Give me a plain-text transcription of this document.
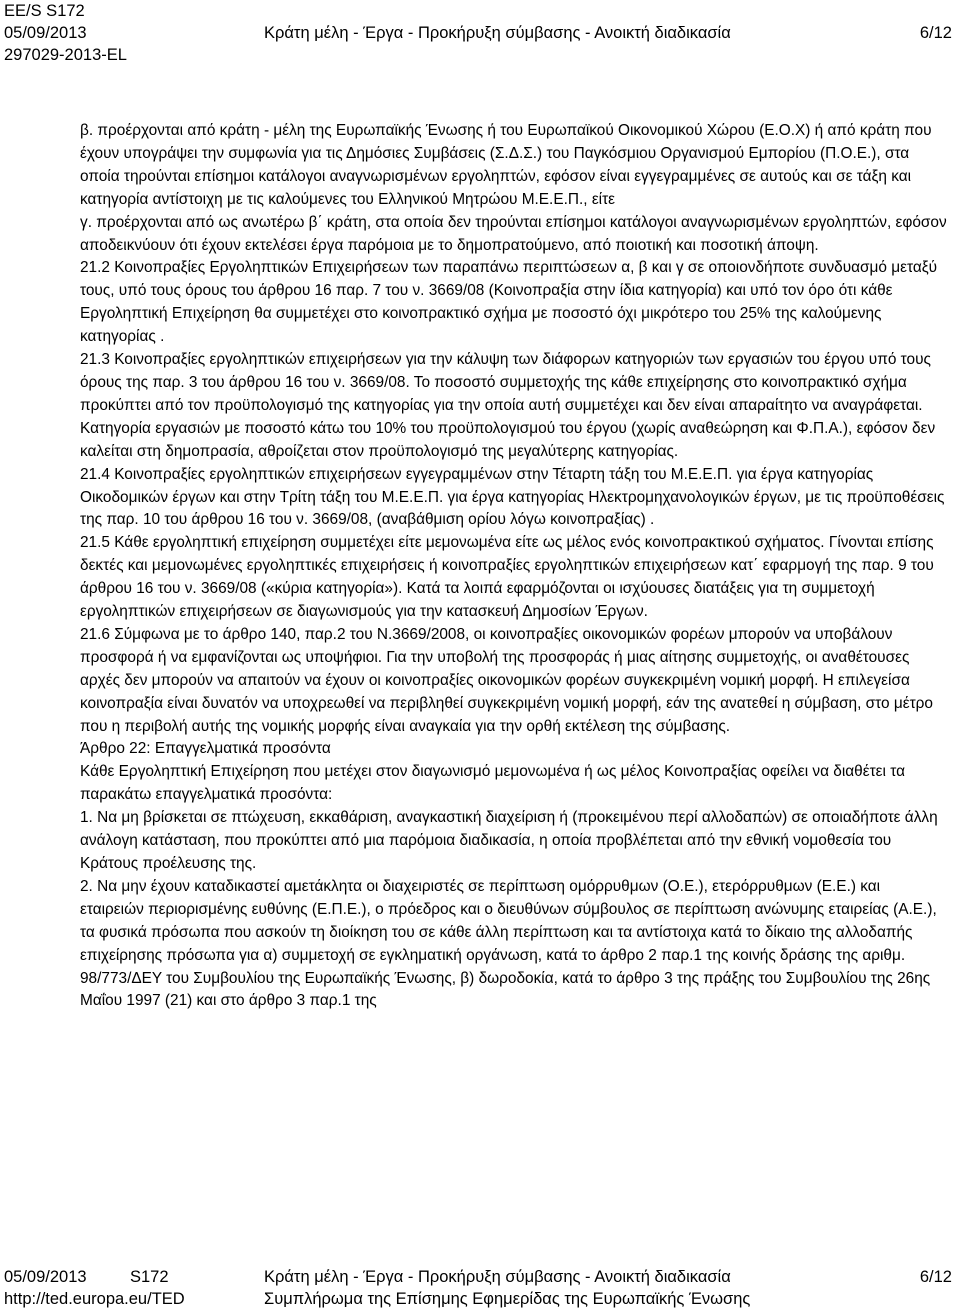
EE/S S172
05/09/2013	Κράτη μέλη - Έργα - Προκήρυξη σύμβασης - Ανοικτή διαδικασία	6/12
297029-2013-EL

β. προέρχονται από κράτη - μέλη της Ευρωπαϊκής Ένωσης ή του Ευρωπαϊκού Οικονομικού Χώρου (Ε.Ο.Χ) ή από κράτη που έχουν υπογράψει την συμφωνία για τις Δημόσιες Συμβάσεις (Σ.Δ.Σ.) του Παγκόσμιου Οργανισμού Εμπορίου (Π.Ο.Ε.), στα οποία τηρούνται επίσημοι κατάλογοι αναγνωρισμένων εργοληπτών, εφόσον είναι εγγεγραμμένες σε αυτούς και σε τάξη και κατηγορία αντίστοιχη με τις καλούμενες του Ελληνικού Μητρώου Μ.Ε.Ε.Π., είτε

γ. προέρχονται από ως ανωτέρω β΄ κράτη, στα οποία δεν τηρούνται επίσημοι κατάλογοι αναγνωρισμένων εργοληπτών, εφόσον αποδεικνύουν ότι έχουν εκτελέσει έργα παρόμοια με το δημοπρατούμενο, από ποιοτική και ποσοτική άποψη.

21.2 Κοινοπραξίες Εργοληπτικών Επιχειρήσεων των παραπάνω περιπτώσεων α, β και γ σε οποιονδήποτε συνδυασμό μεταξύ τους, υπό τους όρους του άρθρου 16 παρ. 7 του ν. 3669/08 (Κοινοπραξία στην ίδια κατηγορία) και υπό τον όρο ότι κάθε Εργοληπτική Επιχείρηση θα συμμετέχει στο κοινοπρακτικό σχήμα με ποσοστό όχι μικρότερο του 25% της καλούμενης κατηγορίας .

21.3 Κοινοπραξίες εργοληπτικών επιχειρήσεων για την κάλυψη των διάφορων κατηγοριών των εργασιών του έργου υπό τους όρους της παρ. 3 του άρθρου 16 του ν. 3669/08. Το ποσοστό συμμετοχής της κάθε επιχείρησης στο κοινοπρακτικό σχήμα προκύπτει από τον προϋπολογισμό της κατηγορίας για την οποία αυτή συμμετέχει και δεν είναι απαραίτητο να αναγράφεται. Κατηγορία εργασιών με ποσοστό κάτω του 10% του προϋπολογισμού του έργου (χωρίς αναθεώρηση και Φ.Π.Α.), εφόσον δεν καλείται στη δημοπρασία, αθροίζεται στον προϋπολογισμό της μεγαλύτερης κατηγορίας.

21.4 Κοινοπραξίες εργοληπτικών επιχειρήσεων εγγεγραμμένων στην Τέταρτη τάξη του Μ.Ε.Ε.Π. για έργα κατηγορίας Οικοδομικών έργων και στην Τρίτη τάξη του Μ.Ε.Ε.Π. για έργα κατηγορίας Ηλεκτρομηχανολογικών έργων, με τις προϋποθέσεις της παρ. 10 του άρθρου 16 του ν. 3669/08, (αναβάθμιση ορίου λόγω κοινοπραξίας) .

21.5 Κάθε εργοληπτική επιχείρηση συμμετέχει είτε μεμονωμένα είτε ως μέλος ενός κοινοπρακτικού σχήματος. Γίνονται επίσης δεκτές και μεμονωμένες εργοληπτικές επιχειρήσεις ή κοινοπραξίες εργοληπτικών επιχειρήσεων κατ΄ εφαρμογή της παρ. 9 του άρθρου 16 του ν. 3669/08 («κύρια κατηγορία»). Κατά τα λοιπά εφαρμόζονται οι ισχύουσες διατάξεις για τη συμμετοχή εργοληπτικών επιχειρήσεων σε διαγωνισμούς για την κατασκευή Δημοσίων Έργων.

21.6 Σύμφωνα με το άρθρο 140, παρ.2 του Ν.3669/2008, οι κοινοπραξίες οικονομικών φορέων μπορούν να υποβάλουν προσφορά ή να εμφανίζονται ως υποψήφιοι. Για την υποβολή της προσφοράς ή μιας αίτησης συμμετοχής, οι αναθέτουσες αρχές δεν μπορούν να απαιτούν να έχουν οι κοινοπραξίες οικονομικών φορέων συγκεκριμένη νομική μορφή. Η επιλεγείσα κοινοπραξία είναι δυνατόν να υποχρεωθεί να περιβληθεί συγκεκριμένη νομική μορφή, εάν της ανατεθεί η σύμβαση, στο μέτρο που η περιβολή αυτής της νομικής μορφής είναι αναγκαία για την ορθή εκτέλεση της σύμβασης.

Άρθρο 22: Επαγγελματικά προσόντα

Κάθε Εργοληπτική Επιχείρηση που μετέχει στον διαγωνισμό μεμονωμένα ή ως μέλος Κοινοπραξίας οφείλει να διαθέτει τα παρακάτω επαγγελματικά προσόντα:

1. Να μη βρίσκεται σε πτώχευση, εκκαθάριση, αναγκαστική διαχείριση ή (προκειμένου περί αλλοδαπών) σε οποιαδήποτε άλλη ανάλογη κατάσταση, που προκύπτει από μια παρόμοια διαδικασία, η οποία προβλέπεται από την εθνική νομοθεσία του Κράτους προέλευσης της.

2. Να μην έχουν καταδικαστεί αμετάκλητα οι διαχειριστές σε περίπτωση ομόρρυθμων (Ο.Ε.), ετερόρρυθμων (Ε.Ε.) και εταιρειών περιορισμένης ευθύνης (Ε.Π.Ε.), ο πρόεδρος και ο διευθύνων σύμβουλος σε περίπτωση ανώνυμης εταιρείας (Α.Ε.), τα φυσικά πρόσωπα που ασκούν τη διοίκηση του σε κάθε άλλη περίπτωση και τα αντίστοιχα κατά το δίκαιο της αλλοδαπής επιχείρησης πρόσωπα για α) συμμετοχή σε εγκληματική οργάνωση, κατά το άρθρο 2 παρ.1 της κοινής δράσης της αριθμ. 98/773/ΔΕΥ του Συμβουλίου της Ευρωπαϊκής Ένωσης, β) δωροδοκία, κατά το άρθρο 3 της πράξης του Συμβουλίου της 26ης Μαΐου 1997 (21) και στο άρθρο 3 παρ.1 της

05/09/2013	S172	Κράτη μέλη - Έργα - Προκήρυξη σύμβασης - Ανοικτή διαδικασία	6/12
http://ted.europa.eu/TED	Συμπλήρωμα της Επίσημης Εφημερίδας της Ευρωπαϊκής Ένωσης
